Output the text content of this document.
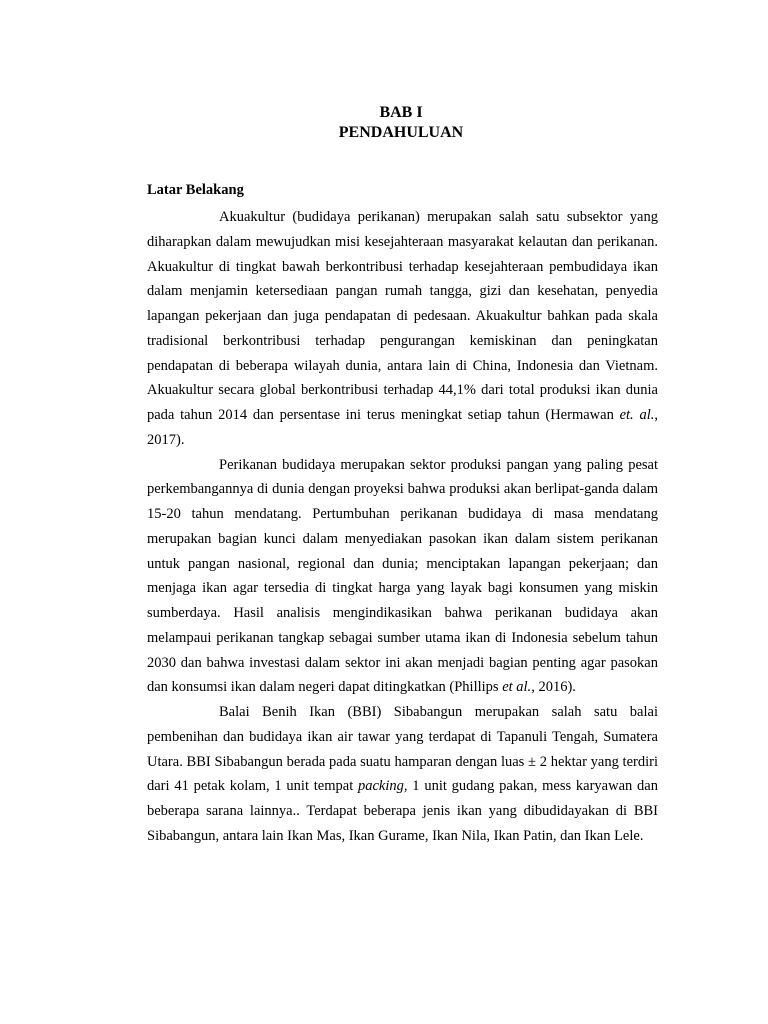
BAB I
PENDAHULUAN
Latar Belakang

Akuakultur (budidaya perikanan) merupakan salah satu subsektor yang diharapkan dalam mewujudkan misi kesejahteraan masyarakat kelautan dan perikanan. Akuakultur di tingkat bawah berkontribusi terhadap kesejahteraan pembudidaya ikan dalam menjamin ketersediaan pangan rumah tangga, gizi dan kesehatan, penyedia lapangan pekerjaan dan juga pendapatan di pedesaan. Akuakultur bahkan pada skala tradisional berkontribusi terhadap pengurangan kemiskinan dan peningkatan pendapatan di beberapa wilayah dunia, antara lain di China, Indonesia dan Vietnam. Akuakultur secara global berkontribusi terhadap 44,1% dari total produksi ikan dunia pada tahun 2014 dan persentase ini terus meningkat setiap tahun (Hermawan et. al., 2017).

Perikanan budidaya merupakan sektor produksi pangan yang paling pesat perkembangannya di dunia dengan proyeksi bahwa produksi akan berlipat-ganda dalam 15-20 tahun mendatang. Pertumbuhan perikanan budidaya di masa mendatang merupakan bagian kunci dalam menyediakan pasokan ikan dalam sistem perikanan untuk pangan nasional, regional dan dunia; menciptakan lapangan pekerjaan; dan menjaga ikan agar tersedia di tingkat harga yang layak bagi konsumen yang miskin sumberdaya. Hasil analisis mengindikasikan bahwa perikanan budidaya akan melampaui perikanan tangkap sebagai sumber utama ikan di Indonesia sebelum tahun 2030 dan bahwa investasi dalam sektor ini akan menjadi bagian penting agar pasokan dan konsumsi ikan dalam negeri dapat ditingkatkan (Phillips et al., 2016).

Balai Benih Ikan (BBI) Sibabangun merupakan salah satu balai pembenihan dan budidaya ikan air tawar yang terdapat di Tapanuli Tengah, Sumatera Utara. BBI Sibabangun berada pada suatu hamparan dengan luas ± 2 hektar yang terdiri dari 41 petak kolam, 1 unit tempat packing, 1 unit gudang pakan, mess karyawan dan beberapa sarana lainnya.. Terdapat beberapa jenis ikan yang dibudidayakan di BBI Sibabangun, antara lain Ikan Mas, Ikan Gurame, Ikan Nila, Ikan Patin, dan Ikan Lele.
